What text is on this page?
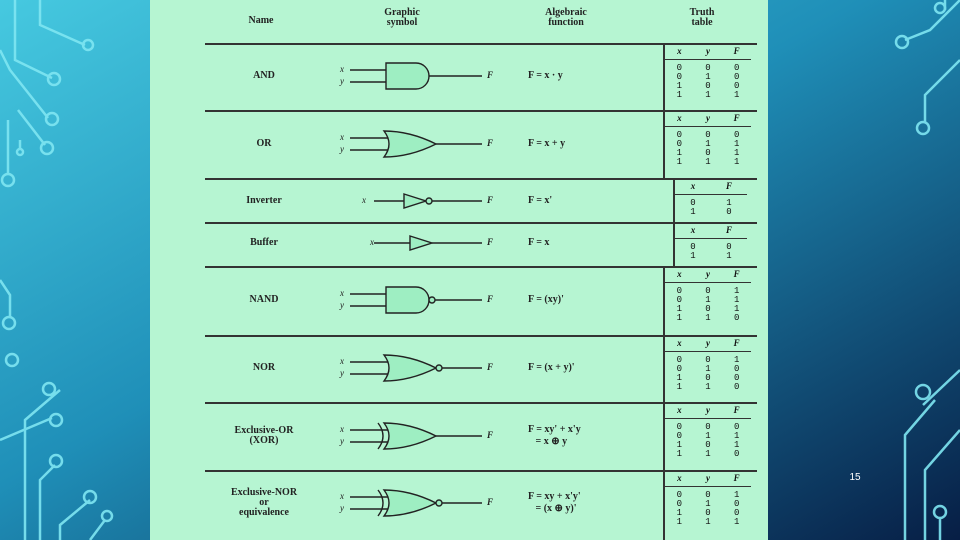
Name
Graphic
symbol
Algebraic
function
Truth
table
AND	F = x · y
F
x
y
x	y	F
0	0	0
0	1	0
1	0	0
1	1	1
OR	F = x + y
F
x
y
x	y	F
0	0	0
0	1	1
1	0	1
1	1	1
Inverter	F = x'
F
x
x	F
0	1
1	0
Buffer	F = x
F
x
x	F
0	0
1	1
NAND	F = (xy)'
F
x
y
x	y	F
0	0	1
0	1	1
1	0	1
1	1	0
NOR	F = (x + y)'
F
x
y
x	y	F
0	0	1
0	1	0
1	0	0
1	1	0
Exclusive-OR
(XOR)
F = xy' + x'y
= x ⊕ y
F
x
y
x	y	F
0	0	0
0	1	1
1	0	1
1	1	0
Exclusive-NOR
or
equivalence
F = xy + x'y'
= (x ⊕ y)'
F
x
y
x	y	F
0	0	1
0	1	0
1	0	0
1	1	1
15
